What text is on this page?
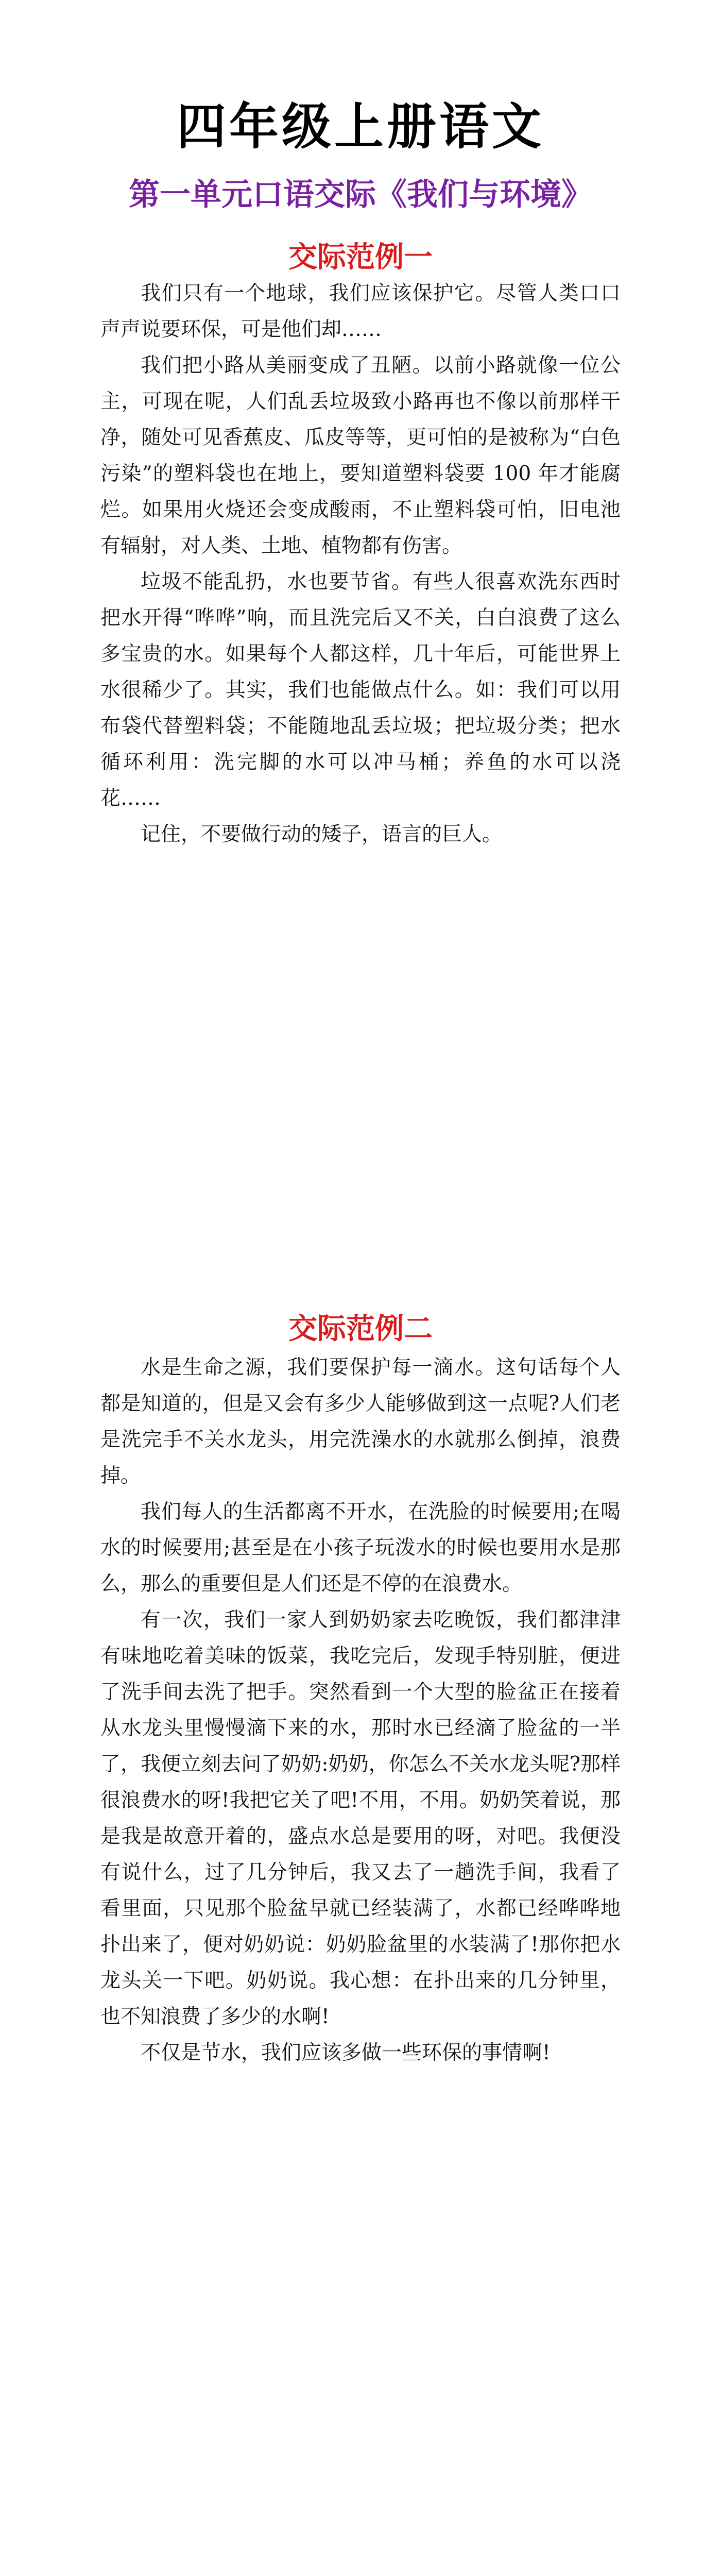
四年级上册语文
第一单元口语交际《我们与环境》
交际范例一

我们只有一个地球，我们应该保护它。尽管人类口口声声说要环保，可是他们却……

我们把小路从美丽变成了丑陋。以前小路就像一位公主，可现在呢，人们乱丢垃圾致小路再也不像以前那样干净，随处可见香蕉皮、瓜皮等等，更可怕的是被称为“白色污染”的塑料袋也在地上，要知道塑料袋要 100 年才能腐烂。如果用火烧还会变成酸雨，不止塑料袋可怕，旧电池有辐射，对人类、土地、植物都有伤害。

垃圾不能乱扔，水也要节省。有些人很喜欢洗东西时把水开得“哗哗”响，而且洗完后又不关，白白浪费了这么多宝贵的水。如果每个人都这样，几十年后，可能世界上水很稀少了。其实，我们也能做点什么。如：我们可以用布袋代替塑料袋；不能随地乱丢垃圾；把垃圾分类；把水循环利用：洗完脚的水可以冲马桶；养鱼的水可以浇花……

记住，不要做行动的矮子，语言的巨人。

交际范例二

水是生命之源，我们要保护每一滴水。这句话每个人都是知道的，但是又会有多少人能够做到这一点呢?人们老是洗完手不关水龙头，用完洗澡水的水就那么倒掉，浪费掉。

我们每人的生活都离不开水，在洗脸的时候要用;在喝水的时候要用;甚至是在小孩子玩泼水的时候也要用水是那么，那么的重要但是人们还是不停的在浪费水。

有一次，我们一家人到奶奶家去吃晚饭，我们都津津有味地吃着美味的饭菜，我吃完后，发现手特别脏，便进了洗手间去洗了把手。突然看到一个大型的脸盆正在接着从水龙头里慢慢滴下来的水，那时水已经滴了脸盆的一半了，我便立刻去问了奶奶:奶奶，你怎么不关水龙头呢?那样很浪费水的呀!我把它关了吧!不用，不用。奶奶笑着说，那是我是故意开着的，盛点水总是要用的呀，对吧。我便没有说什么，过了几分钟后，我又去了一趟洗手间，我看了看里面，只见那个脸盆早就已经装满了，水都已经哗哗地扑出来了，便对奶奶说：奶奶脸盆里的水装满了!那你把水龙头关一下吧。奶奶说。我心想：在扑出来的几分钟里，也不知浪费了多少的水啊!

不仅是节水，我们应该多做一些环保的事情啊!
